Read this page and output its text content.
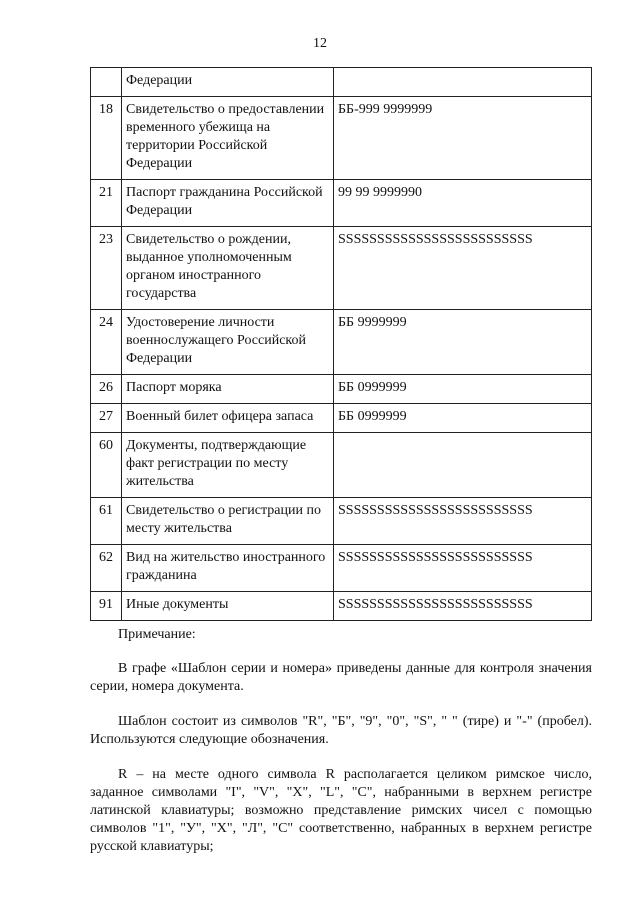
12
	Федерации	
18	Свидетельство о предоставлении временного убежища на территории Российской Федерации	ББ-999 9999999
21	Паспорт гражданина Российской Федерации	99 99 9999990
23	Свидетельство о рождении, выданное уполномоченным органом иностранного государства	SSSSSSSSSSSSSSSSSSSSSSSSS
24	Удостоверение личности военнослужащего Российской Федерации	ББ 9999999
26	Паспорт моряка	ББ 0999999
27	Военный билет офицера запаса	ББ 0999999
60	Документы, подтверждающие факт регистрации по месту жительства	
61	Свидетельство о регистрации по месту жительства	SSSSSSSSSSSSSSSSSSSSSSSSS
62	Вид на жительство иностранного гражданина	SSSSSSSSSSSSSSSSSSSSSSSSS
91	Иные документы	SSSSSSSSSSSSSSSSSSSSSSSSS

Примечание:

В графе «Шаблон серии и номера» приведены данные для контроля значения серии, номера документа.

Шаблон состоит из символов "R", "Б", "9", "0", "S", " " (тире) и "-" (пробел). Используются следующие обозначения.

R – на месте одного символа R располагается целиком римское число, заданное символами "I", "V", "X", "L", "C", набранными в верхнем регистре латинской клавиатуры; возможно представление римских чисел с помощью символов "1", "У", "Х", "Л", "С" соответственно, набранных в верхнем регистре русской клавиатуры;
